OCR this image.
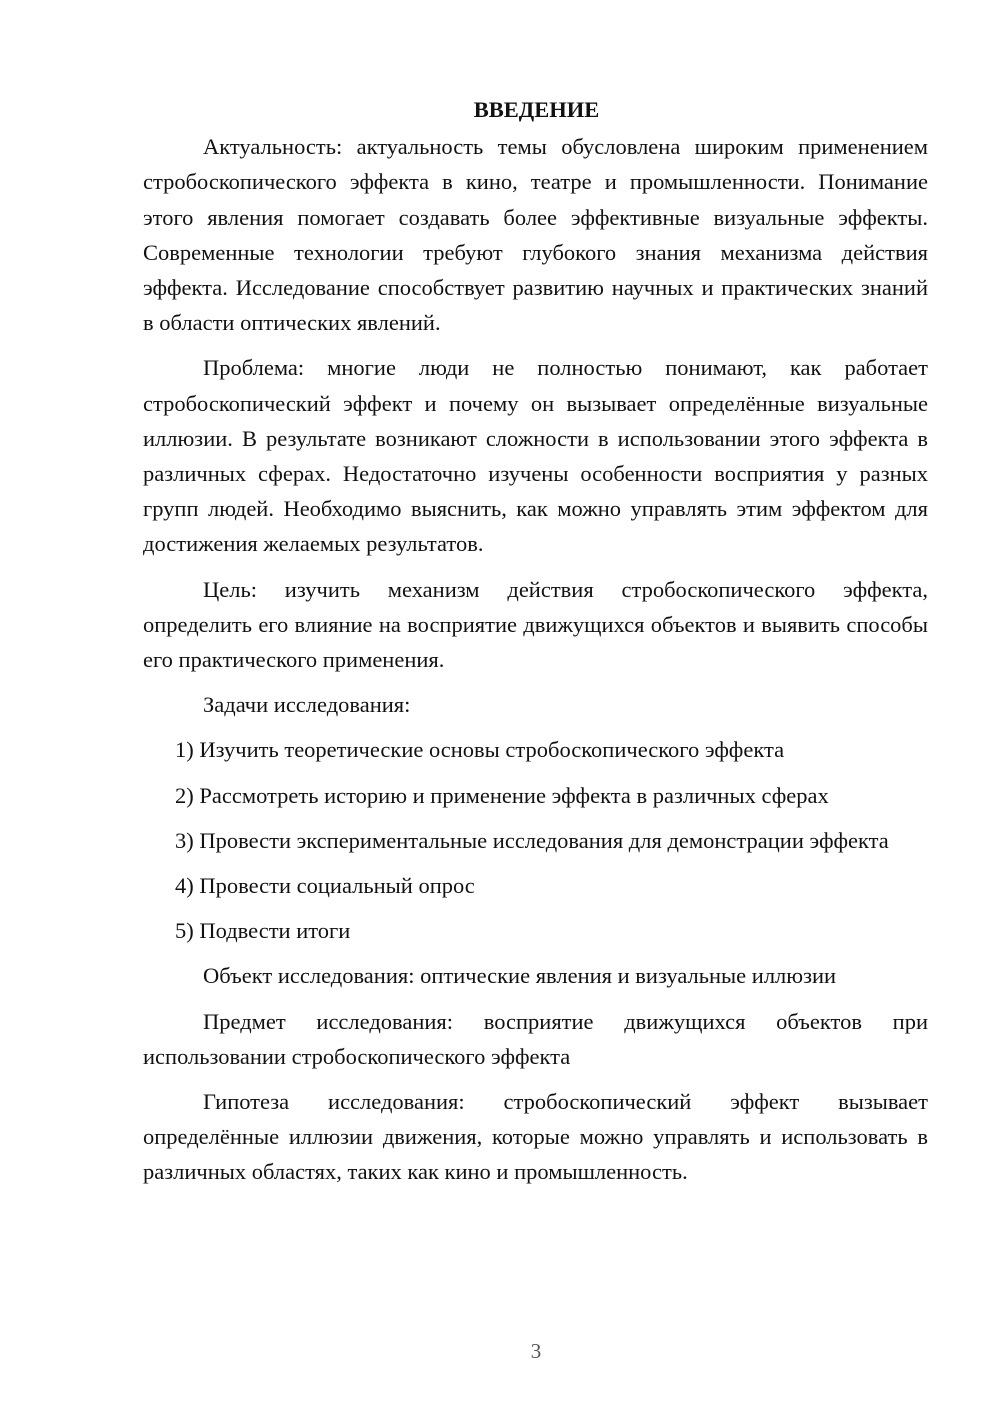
ВВЕДЕНИЕ

Актуальность: актуальность темы обусловлена широким применением стробоскопического эффекта в кино, театре и промышленности. Понимание этого явления помогает создавать более эффективные визуальные эффекты. Современные технологии требуют глубокого знания механизма действия эффекта. Исследование способствует развитию научных и практических знаний в области оптических явлений.

Проблема: многие люди не полностью понимают, как работает стробоскопический эффект и почему он вызывает определённые визуальные иллюзии. В результате возникают сложности в использовании этого эффекта в различных сферах. Недостаточно изучены особенности восприятия у разных групп людей. Необходимо выяснить, как можно управлять этим эффектом для достижения желаемых результатов.

Цель: изучить механизм действия стробоскопического эффекта, определить его влияние на восприятие движущихся объектов и выявить способы его практического применения.

Задачи исследования:

1) Изучить теоретические основы стробоскопического эффекта

2) Рассмотреть историю и применение эффекта в различных сферах

3) Провести экспериментальные исследования для демонстрации эффекта

4) Провести социальный опрос

5) Подвести итоги

Объект исследования: оптические явления и визуальные иллюзии

Предмет исследования: восприятие движущихся объектов при использовании стробоскопического эффекта

Гипотеза исследования: стробоскопический эффект вызывает определённые иллюзии движения, которые можно управлять и использовать в различных областях, таких как кино и промышленность.

3
